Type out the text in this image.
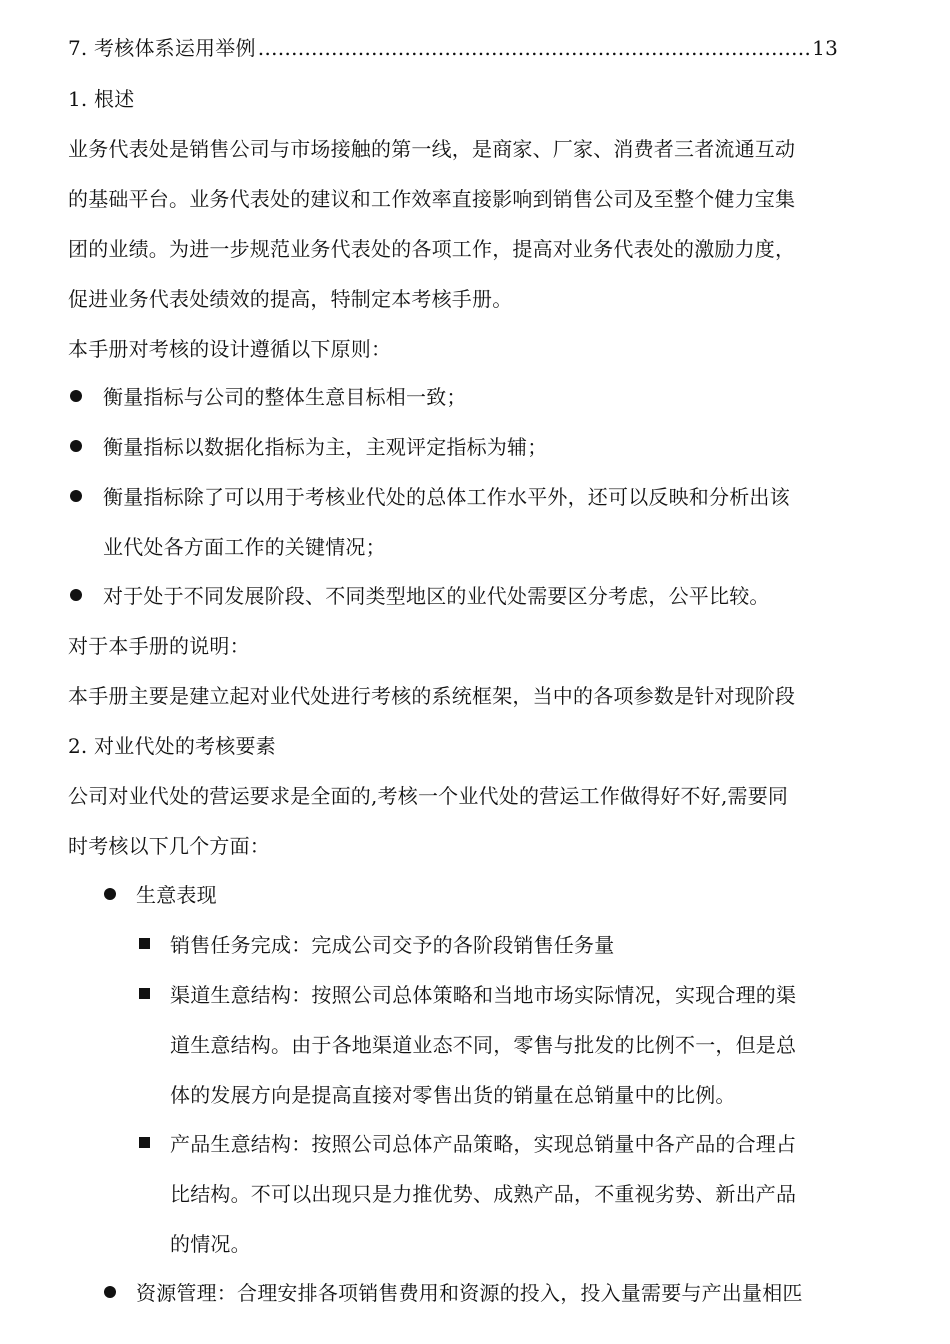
7. 考核体系运用举例
……………………………………………………………………………………………………………………………………	13
1. 根述
业务代表处是销售公司与市场接触的第一线，是商家、厂家、消费者三者流通互动
的基础平台。业务代表处的建议和工作效率直接影响到销售公司及至整个健力宝集
团的业绩。为进一步规范业务代表处的各项工作，提高对业务代表处的激励力度，
促进业务代表处绩效的提高，特制定本考核手册。
本手册对考核的设计遵循以下原则：
衡量指标与公司的整体生意目标相一致；
衡量指标以数据化指标为主，主观评定指标为辅；
衡量指标除了可以用于考核业代处的总体工作水平外，还可以反映和分析出该
业代处各方面工作的关键情况；
对于处于不同发展阶段、不同类型地区的业代处需要区分考虑，公平比较。
对于本手册的说明：
本手册主要是建立起对业代处进行考核的系统框架，当中的各项参数是针对现阶段
2. 对业代处的考核要素
公司对业代处的营运要求是全面的,考核一个业代处的营运工作做得好不好,需要同
时考核以下几个方面：
生意表现
销售任务完成：完成公司交予的各阶段销售任务量
渠道生意结构：按照公司总体策略和当地市场实际情况，实现合理的渠
道生意结构。由于各地渠道业态不同，零售与批发的比例不一，但是总
体的发展方向是提高直接对零售出货的销量在总销量中的比例。
产品生意结构：按照公司总体产品策略，实现总销量中各产品的合理占
比结构。不可以出现只是力推优势、成熟产品，不重视劣势、新出产品
的情况。
资源管理：合理安排各项销售费用和资源的投入，投入量需要与产出量相匹
